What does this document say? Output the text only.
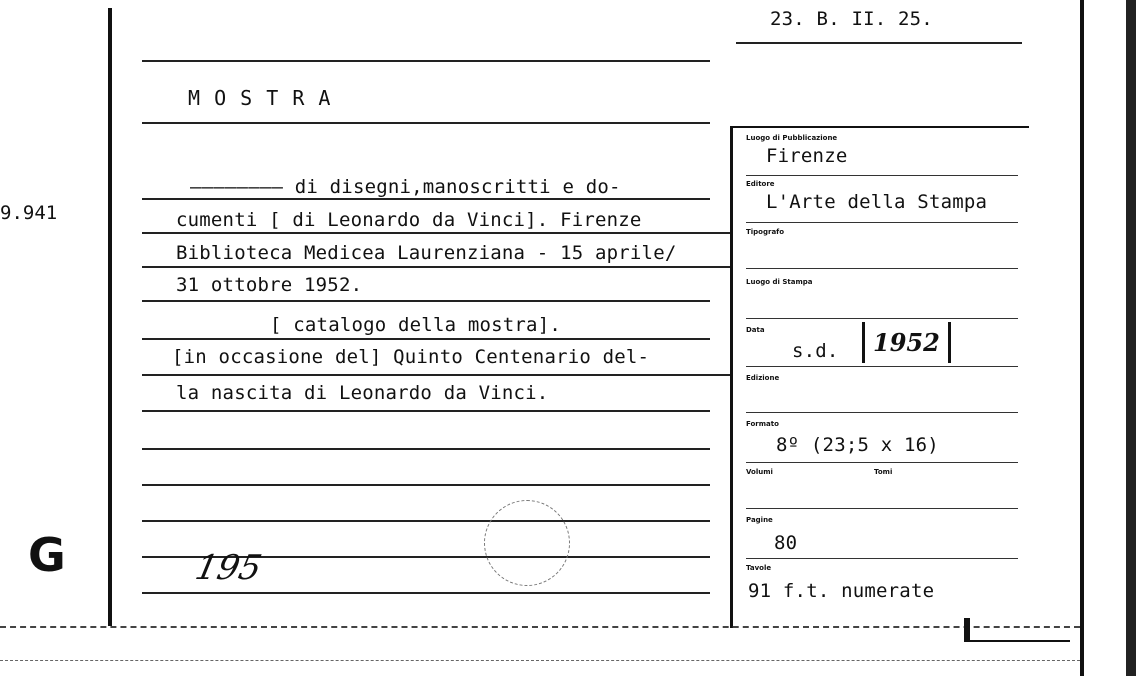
9.941
G
23. B. II. 25.
M O S T R A
———————— di disegni,manoscritti e do-
cumenti [ di Leonardo da Vinci]. Firenze
Biblioteca Medicea Laurenziana - 15 aprile/
31 ottobre 1952.
[ catalogo della mostra].
[in occasione del] Quinto Centenario del-
la nascita di Leonardo da Vinci.
195
Luogo di Pubblicazione
Firenze
Editore
L'Arte della Stampa
Tipografo
Luogo di Stampa
Data
s.d.	1952
Edizione
Formato
8º (23;5 x 16)
Volumi	Tomi
Pagine
80
Tavole
91 f.t. numerate
